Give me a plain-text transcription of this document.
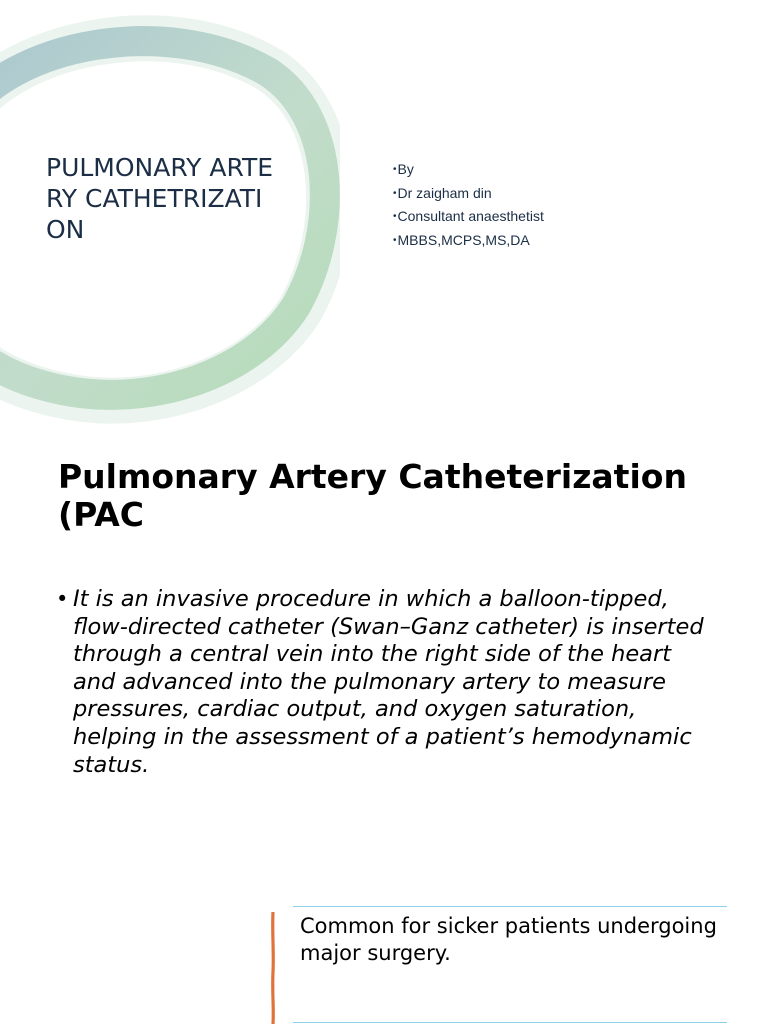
PULMONARY ARTERY CATHETRIZATION
• By
• Dr zaigham din
• Consultant anaesthetist
• MBBS,MCPS,MS,DA
Pulmonary Artery Catheterization (PAC
• It is an invasive procedure in which a balloon-tipped, flow-directed catheter (Swan–Ganz catheter) is inserted through a central vein into the right side of the heart and advanced into the pulmonary artery to measure pressures, cardiac output, and oxygen saturation, helping in the assessment of a patient’s hemodynamic status.

Common for sicker patients undergoing major surgery.
